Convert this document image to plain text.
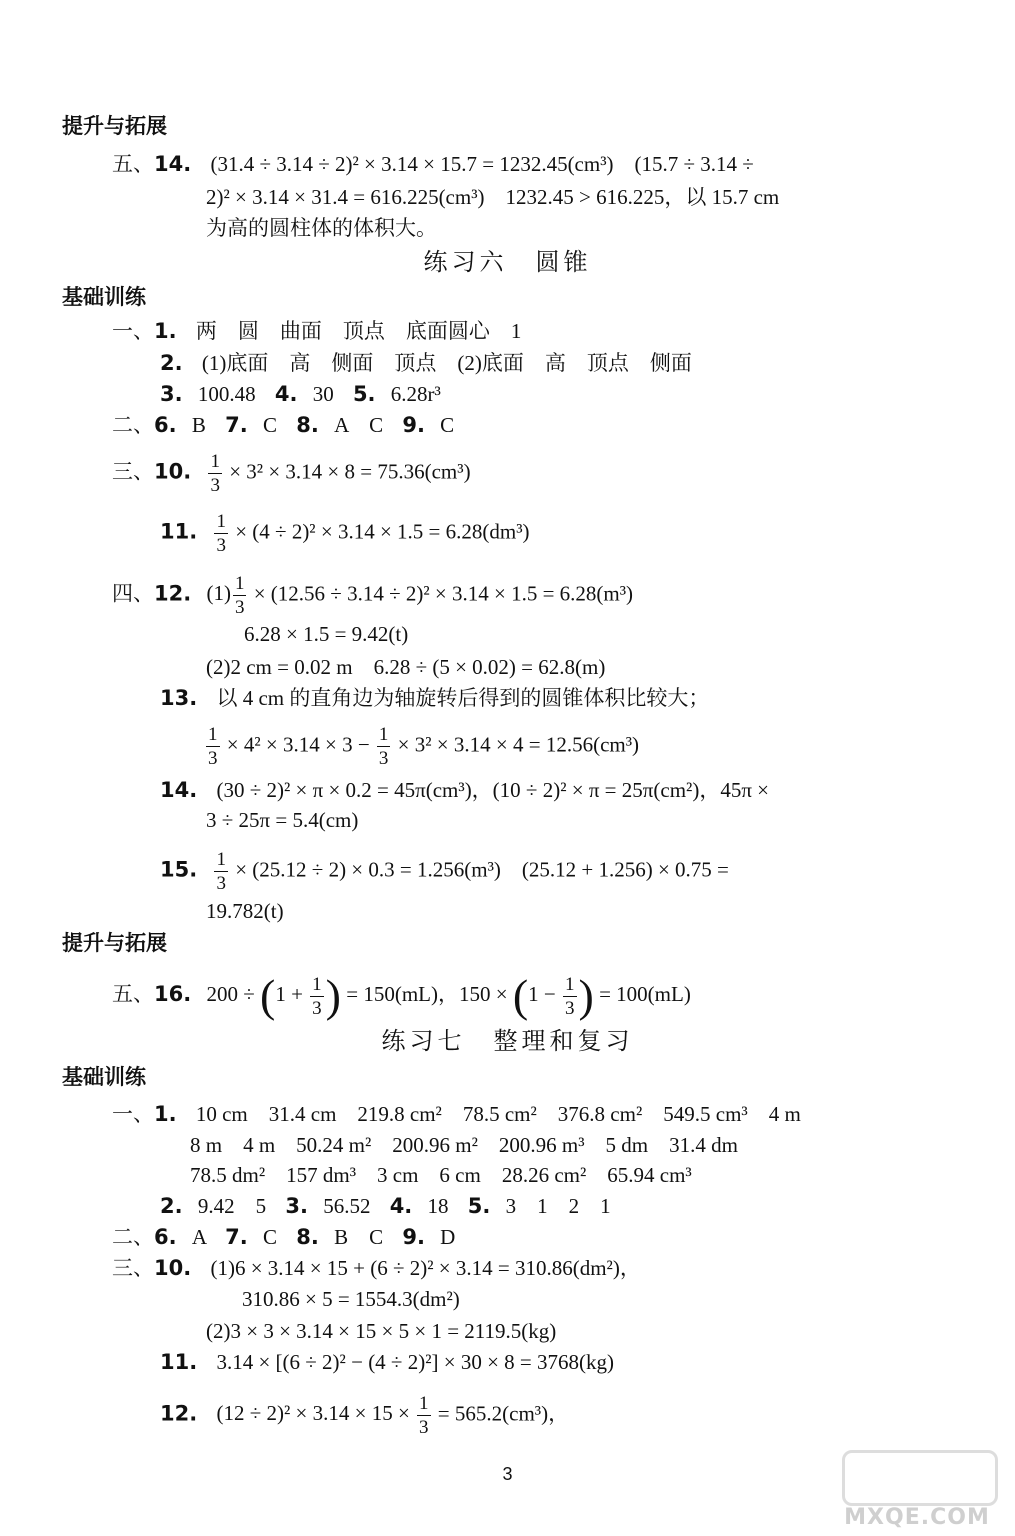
提升与拓展
五、14. (31.4 ÷ 3.14 ÷ 2)² × 3.14 × 15.7 = 1232.45(cm³)　(15.7 ÷ 3.14 ÷
2)² × 3.14 × 31.4 = 616.225(cm³)　1232.45 > 616.225，以 15.7 cm
为高的圆柱体的体积大。
练习六　圆锥
基础训练
一、1. 两　圆　曲面　顶点　底面圆心　1
2. (1)底面　高　侧面　顶点　(2)底面　高　顶点　侧面
3. 100.48 4. 30 5. 6.28r³
二、6. B 7. C 8. A　C 9. C
三、10. $\frac{1}{3} \times 3^2 \times 3.14 \times 8 = 75.36(cm^3)$
11. $\frac{1}{3} \times (4 \div 2)^2 \times 3.14 \times 1.5 = 6.28(dm^3)$
四、12. $(1) \frac{1}{3} \times (12.56 \div 3.14 \div 2)^2 \times 3.14 \times 1.5 = 6.28(m^3)$
6.28 × 1.5 = 9.42(t)
(2)2 cm = 0.02 m　6.28 ÷ (5 × 0.02) = 62.8(m)
13. 以 4 cm 的直角边为轴旋转后得到的圆锥体积比较大；
$\frac{1}{3} \times 4^2 \times 3.14 \times 3 - \frac{1}{3} \times 3^2 \times 3.14 \times 4 = 12.56(cm^3)$
14. (30 ÷ 2)² × π × 0.2 = 45π(cm³)，(10 ÷ 2)² × π = 25π(cm²)，45π ×
3 ÷ 25π = 5.4(cm)
15. $\frac{1}{3} \times (25.12 \div 2) \times 0.3 = 1.256(m^3)$　(25.12 + 1.256) × 0.75 =
19.782(t)
提升与拓展
五、16. $200 \div (1 + \frac{1}{3}$ ) = 150(mL)，$150 \times (1 - \frac{1}{3}$ ) = 100(mL)
练习七　整理和复习
基础训练
一、1. 10 cm　31.4 cm　219.8 cm²　78.5 cm²　376.8 cm²　549.5 cm³　4 m
8 m　4 m　50.24 m²　200.96 m²　200.96 m³　5 dm　31.4 dm
78.5 dm²　157 dm³　3 cm　6 cm　28.26 cm²　65.94 cm³
2. 9.42　5 3. 56.52 4. 18 5. 3　1　2　1
二、6. A 7. C 8. B　C 9. D
三、10. (1)6 × 3.14 × 15 + (6 ÷ 2)² × 3.14 = 310.86(dm²)，
310.86 × 5 = 1554.3(dm²)
(2)3 × 3 × 3.14 × 15 × 5 × 1 = 2119.5(kg)
11. 3.14 × [(6 ÷ 2)² − (4 ÷ 2)²] × 30 × 8 = 3768(kg)
12. $(12 \div 2)^2 \times 3.14 \times 15 \times \frac{1}{3} = 565.2(cm^3)$，
3
MXQE.COM
